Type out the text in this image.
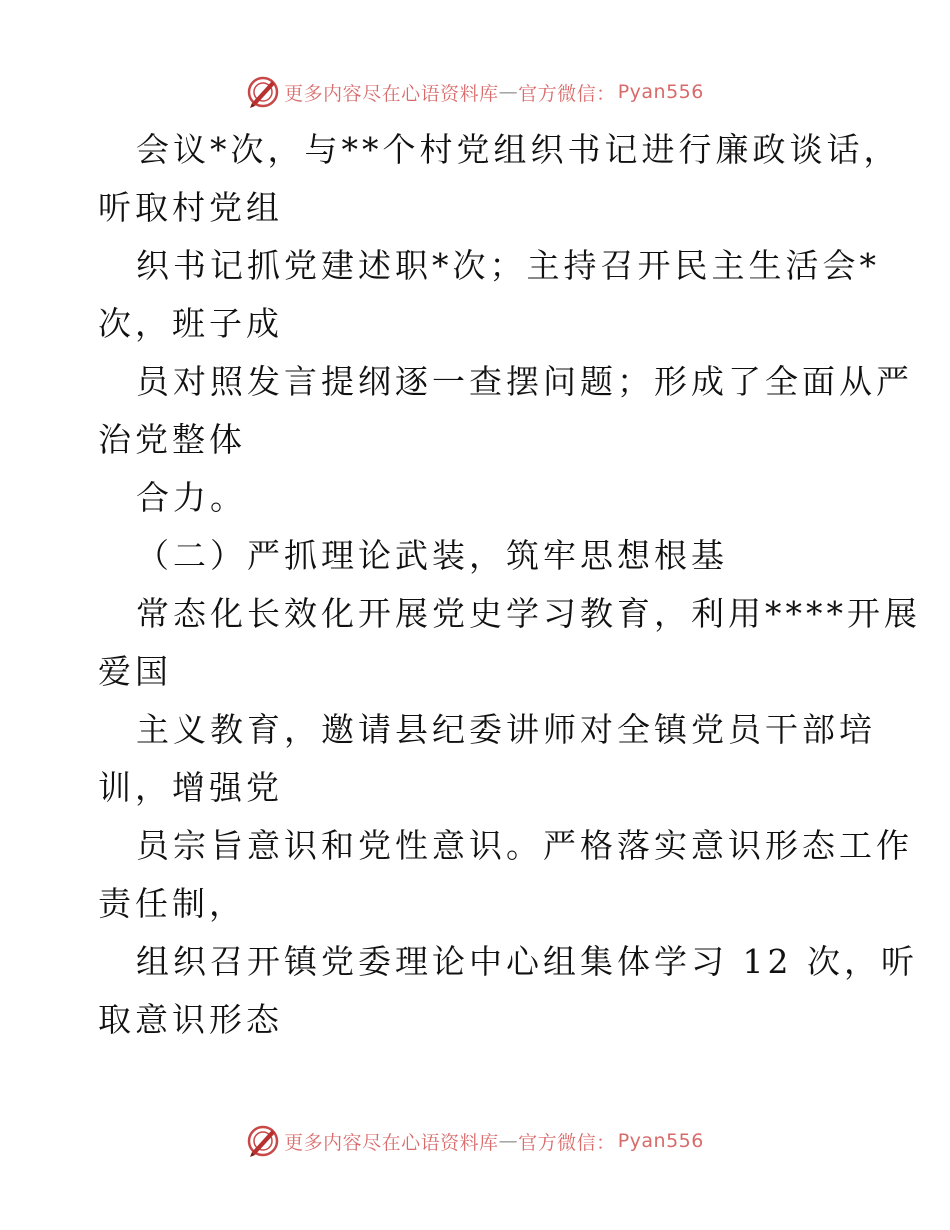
更多内容尽在心语资料库 — 官方微信： Pyan556
会议*次，与**个村党组织书记进行廉政谈话，
听取村党组
织书记抓党建述职*次；主持召开民主生活会*
次，班子成
员对照发言提纲逐一查摆问题；形成了全面从严
治党整体
合力。
（二）严抓理论武装，筑牢思想根基
常态化长效化开展党史学习教育，利用****开展
爱国
主义教育，邀请县纪委讲师对全镇党员干部培
训，增强党
员宗旨意识和党性意识。严格落实意识形态工作
责任制，
组织召开镇党委理论中心组集体学习 12 次，听
取意识形态
更多内容尽在心语资料库 — 官方微信： Pyan556
